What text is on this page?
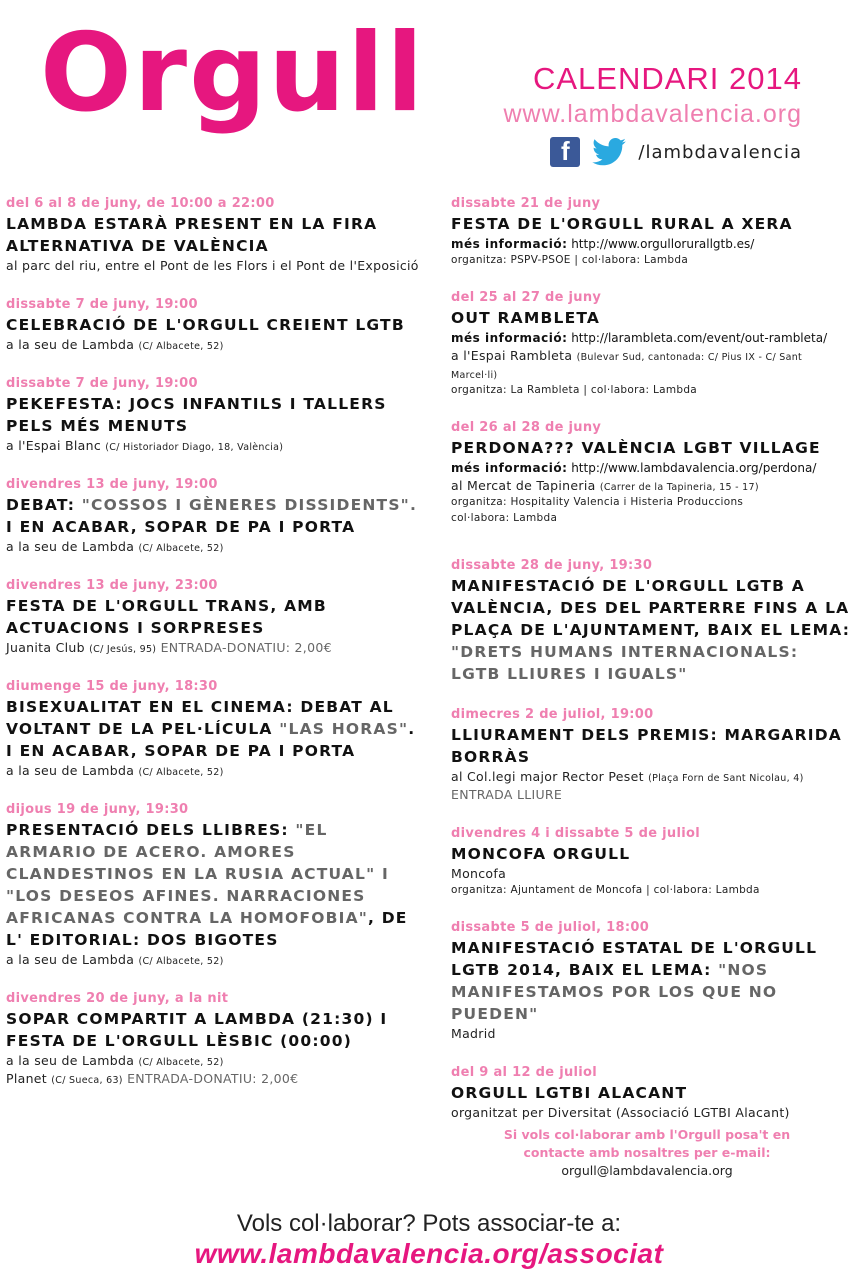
Orgull	CALENDARI 2014
www.lambdavalencia.org
f	/lambdavalencia
del 6 al 8 de juny, de 10:00 a 22:00
LAMBDA ESTARÀ PRESENT EN LA FIRA ALTERNATIVA DE VALÈNCIA
al parc del riu, entre el Pont de les Flors i el Pont de l'Exposició
dissabte 7 de juny, 19:00
CELEBRACIÓ DE L'ORGULL CREIENT LGTB
a la seu de Lambda (C/ Albacete, 52)
dissabte 7 de juny, 19:00
PEKEFESTA: JOCS INFANTILS I TALLERS PELS MÉS MENUTS
a l'Espai Blanc (C/ Historiador Diago, 18, València)
divendres 13 de juny, 19:00
DEBAT: "COSSOS I GÈNERES DISSIDENTS". I EN ACABAR, SOPAR DE PA I PORTA
a la seu de Lambda (C/ Albacete, 52)
divendres 13 de juny, 23:00
FESTA DE L'ORGULL TRANS, AMB ACTUACIONS I SORPRESES
Juanita Club (C/ Jesús, 95) ENTRADA-DONATIU: 2,00€
diumenge 15 de juny, 18:30
BISEXUALITAT EN EL CINEMA: DEBAT AL VOLTANT DE LA PEL·LÍCULA "LAS HORAS". I EN ACABAR, SOPAR DE PA I PORTA
a la seu de Lambda (C/ Albacete, 52)
dijous 19 de juny, 19:30
PRESENTACIÓ DELS LLIBRES: "EL ARMARIO DE ACERO. AMORES CLANDESTINOS EN LA RUSIA ACTUAL" I "LOS DESEOS AFINES. NARRACIONES AFRICANAS CONTRA LA HOMOFOBIA", DE L' EDITORIAL: DOS BIGOTES
a la seu de Lambda (C/ Albacete, 52)
divendres 20 de juny, a la nit
SOPAR COMPARTIT A LAMBDA (21:30) I FESTA DE L'ORGULL LÈSBIC (00:00)
a la seu de Lambda (C/ Albacete, 52)
Planet (C/ Sueca, 63) ENTRADA-DONATIU: 2,00€
dissabte 21 de juny
FESTA DE L'ORGULL RURAL A XERA
més informació: http://www.orgullorurallgtb.es/
organitza: PSPV-PSOE | col·labora: Lambda
del 25 al 27 de juny
OUT RAMBLETA
més informació: http://larambleta.com/event/out-rambleta/
a l'Espai Rambleta (Bulevar Sud, cantonada: C/ Pius IX - C/ Sant Marcel·li)
organitza: La Rambleta | col·labora: Lambda
del 26 al 28 de juny
PERDONA??? VALÈNCIA LGBT VILLAGE
més informació: http://www.lambdavalencia.org/perdona/
al Mercat de Tapineria (Carrer de la Tapineria, 15 - 17)
organitza: Hospitality Valencia i Histeria Produccions
col·labora: Lambda
dissabte 28 de juny, 19:30
MANIFESTACIÓ DE L'ORGULL LGTB A VALÈNCIA, DES DEL PARTERRE FINS A LA PLAÇA DE L'AJUNTAMENT, BAIX EL LEMA: "DRETS HUMANS INTERNACIONALS: LGTB LLIURES I IGUALS"
dimecres 2 de juliol, 19:00
LLIURAMENT DELS PREMIS: MARGARIDA BORRÀS
al Col.legi major Rector Peset (Plaça Forn de Sant Nicolau, 4)
ENTRADA LLIURE
divendres 4 i dissabte 5 de juliol
MONCOFA ORGULL
Moncofa
organitza: Ajuntament de Moncofa | col·labora: Lambda
dissabte 5 de juliol, 18:00
MANIFESTACIÓ ESTATAL DE L'ORGULL LGTB 2014, BAIX EL LEMA: "NOS MANIFESTAMOS POR LOS QUE NO PUEDEN"
Madrid
del 9 al 12 de juliol
ORGULL LGTBI ALACANT
organitzat per Diversitat (Associació LGTBI Alacant)
Si vols col·laborar amb l'Orgull posa't en
contacte amb nosaltres per e-mail:
orgull@lambdavalencia.org
Vols col·laborar? Pots associar-te a:
www.lambdavalencia.org/associat
